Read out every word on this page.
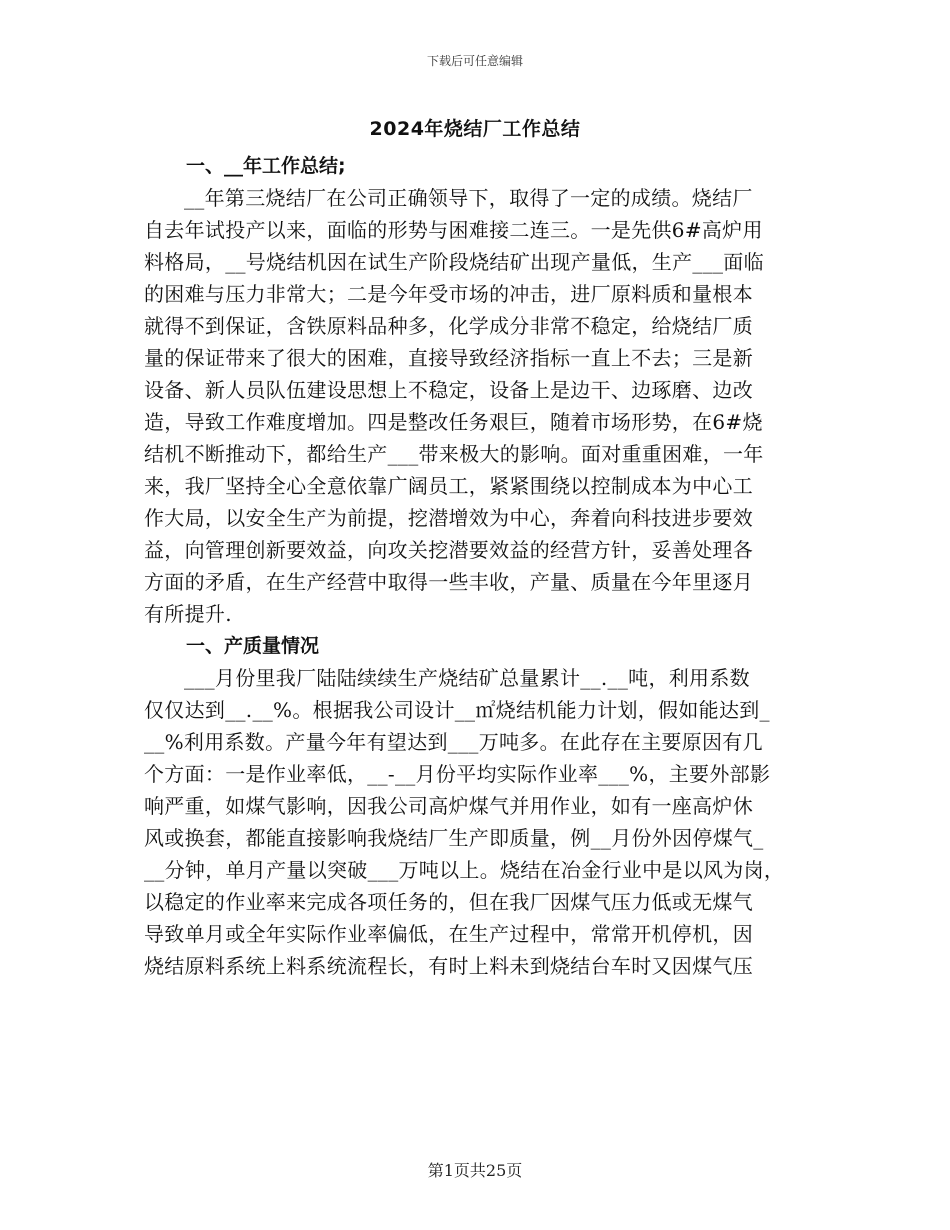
下载后可任意编辑
2024年烧结厂工作总结

一、__年工作总结;

__年第三烧结厂在公司正确领导下，取得了一定的成绩。烧结厂
自去年试投产以来，面临的形势与困难接二连三。一是先供6#高炉用
料格局，__号烧结机因在试生产阶段烧结矿出现产量低，生产___面临
的困难与压力非常大；二是今年受市场的冲击，进厂原料质和量根本
就得不到保证，含铁原料品种多，化学成分非常不稳定，给烧结厂质
量的保证带来了很大的困难，直接导致经济指标一直上不去；三是新
设备、新人员队伍建设思想上不稳定，设备上是边干、边琢磨、边改
造，导致工作难度增加。四是整改任务艰巨，随着市场形势，在6#烧
结机不断推动下，都给生产___带来极大的影响。面对重重困难，一年
来，我厂坚持全心全意依靠广阔员工，紧紧围绕以控制成本为中心工
作大局，以安全生产为前提，挖潜增效为中心，奔着向科技进步要效
益，向管理创新要效益，向攻关挖潜要效益的经营方针，妥善处理各
方面的矛盾，在生产经营中取得一些丰收，产量、质量在今年里逐月
有所提升.

一、产质量情况

___月份里我厂陆陆续续生产烧结矿总量累计__.__吨，利用系数
仅仅达到__.__%。根据我公司设计__㎡烧结机能力计划，假如能达到_
__%利用系数。产量今年有望达到___万吨多。在此存在主要原因有几
个方面：一是作业率低，__-__月份平均实际作业率___%，主要外部影
响严重，如煤气影响，因我公司高炉煤气并用作业，如有一座高炉休
风或换套，都能直接影响我烧结厂生产即质量，例__月份外因停煤气_
__分钟，单月产量以突破___万吨以上。烧结在冶金行业中是以风为岗，
以稳定的作业率来完成各项任务的，但在我厂因煤气压力低或无煤气
导致单月或全年实际作业率偏低，在生产过程中，常常开机停机，因
烧结原料系统上料系统流程长，有时上料未到烧结台车时又因煤气压
第1页共25页
